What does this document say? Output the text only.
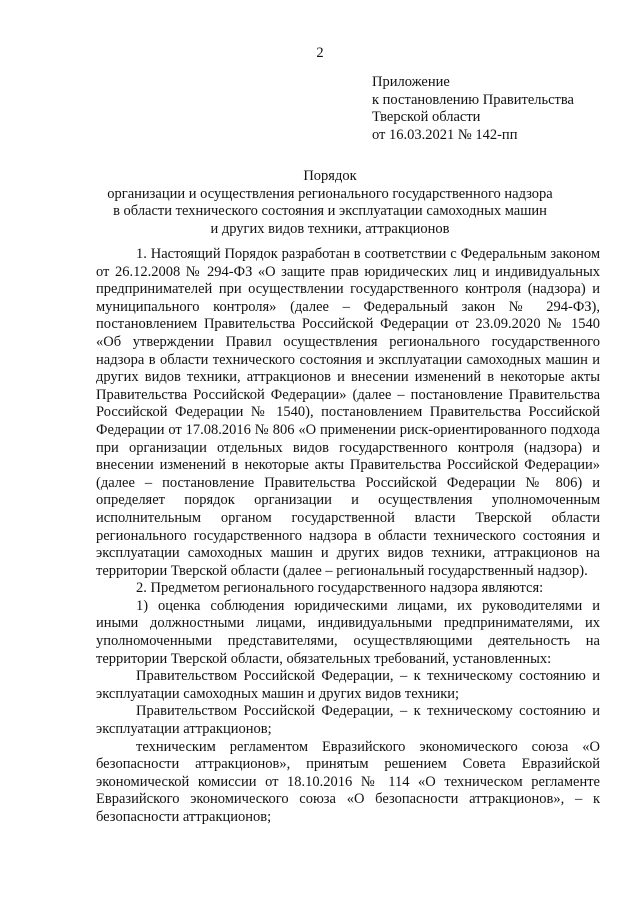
2
Приложение
к постановлению Правительства
Тверской области
от 16.03.2021 № 142-пп
Порядок
организации и осуществления регионального государственного надзора
в области технического состояния и эксплуатации самоходных машин
и других видов техники, аттракционов

1. Настоящий Порядок разработан в соответствии с Федеральным законом от 26.12.2008 № 294-ФЗ «О защите прав юридических лиц и индивидуальных предпринимателей при осуществлении государственного контроля (надзора) и муниципального контроля» (далее – Федеральный закон № 294-ФЗ), постановлением Правительства Российской Федерации от 23.09.2020 № 1540 «Об утверждении Правил осуществления регионального государственного надзора в области технического состояния и эксплуатации самоходных машин и других видов техники, аттракционов и внесении изменений в некоторые акты Правительства Российской Федерации» (далее – постановление Правительства Российской Федерации № 1540), постановлением Правительства Российской Федерации от 17.08.2016 № 806 «О применении риск-ориентированного подхода при организации отдельных видов государственного контроля (надзора) и внесении изменений в некоторые акты Правительства Российской Федерации» (далее – постановление Правительства Российской Федерации № 806) и определяет порядок организации и осуществления уполномоченным исполнительным органом государственной власти Тверской области регионального государственного надзора в области технического состояния и эксплуатации самоходных машин и других видов техники, аттракционов на территории Тверской области (далее – региональный государственный надзор).

2. Предметом регионального государственного надзора являются:

1) оценка соблюдения юридическими лицами, их руководителями и иными должностными лицами, индивидуальными предпринимателями, их уполномоченными представителями, осуществляющими деятельность на территории Тверской области, обязательных требований, установленных:

Правительством Российской Федерации, – к техническому состоянию и эксплуатации самоходных машин и других видов техники;

Правительством Российской Федерации, – к техническому состоянию и эксплуатации аттракционов;

техническим регламентом Евразийского экономического союза «О безопасности аттракционов», принятым решением Совета Евразийской экономической комиссии от 18.10.2016 № 114 «О техническом регламенте Евразийского экономического союза «О безопасности аттракционов», – к безопасности аттракционов;
